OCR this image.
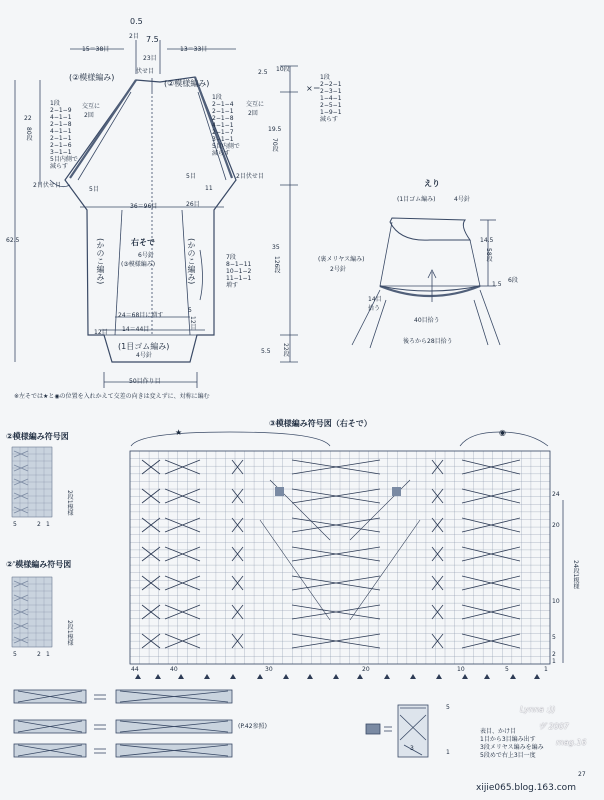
0.5
2目 7.5
23目
伏せ目
15＝38目	13＝33目
(②模様編み)
(②模様編み)

1段
2−1−9
4−1−1
2−1−8
4−1−1
2−1−1
2−1−6
3−1−1
5目内側で
減らす

交互に
2回

1段
2−1−4
2−1−1
2−1−8
4−1−1
2−1−7
3−1−1
5目内側で
減らす

交互に
2回
22
80段
2目伏せ目
5目
5目
11
2目伏せ目
26目
36＝96目
右そで
6号針
(③模様編み)
(かのこ編み)	(かのこ編み)

	7段
8−1−11
10−1−2
11−1−1
増す

24＝68目に増す
14＝44目
12目
12目
5
(1目ゴム編み)
4号針
50目作り目
62.5
2.5 10段
19.5
70段
35
126段
5.5 22段
×＝

1段
2−2−1
2−3−1
1−4−1
2−5−1
1−9−1
減らす

※左そでは★と◉の位置を入れかえて交差の向きは変えずに、対称に編む
えり
(1目ゴム編み)	4号針
14.5
58段
(裏メリヤス編み)
2号針
1.5
6段
14目
拾う
40目拾う
後ろから28目拾う
②模様編み符号図
2段1模様
5	2 1
②'模様編み符号図
2段1模様
5	2 1
③模様編み符号図（右そで）
★	◉
24
20
10
5
2
1
24段1模様
44	40	30	20	10	5	1
(P.42参照)
5
1
3

表目、かけ目
1目から3目編み出す
3段メリヤス編みを編み
5段めで右上3目一度

Lynna :))
ヴ 2007
mag.16
xijie065.blog.163.com
27
